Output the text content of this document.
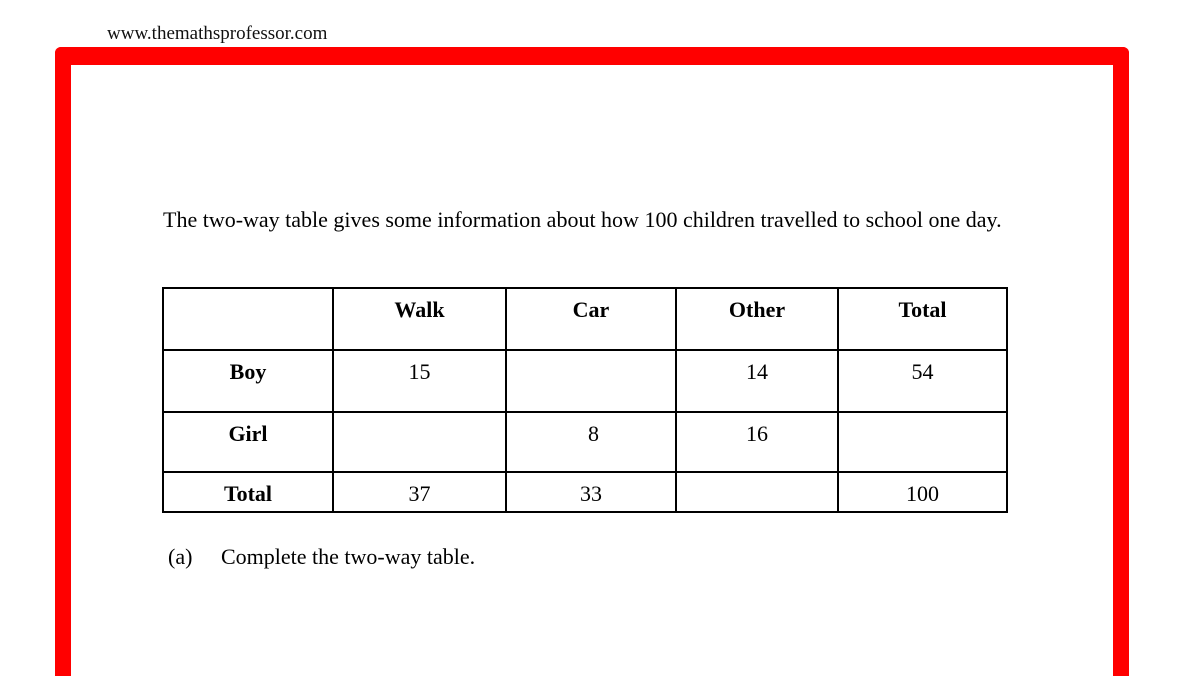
www.themathsprofessor.com
The two-way table gives some information about how 100 children travelled to school one day.

	Walk	Car	Other	Total

Boy	15		14	54

Girl		8	16	

Total	37	33		100
(a) Complete the two-way table.
